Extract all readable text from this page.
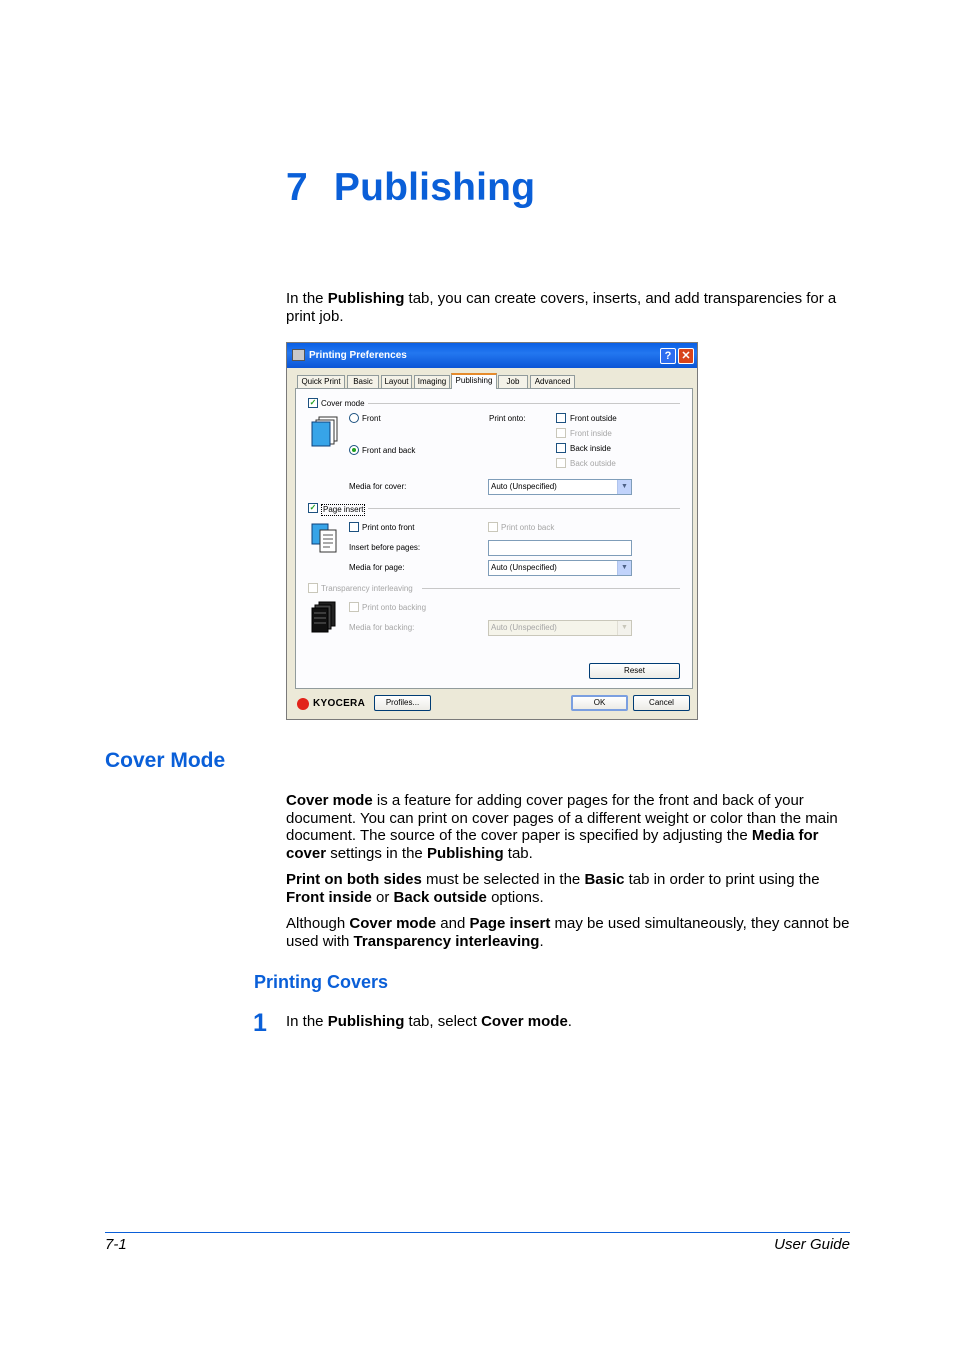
7 Publishing

In the Publishing tab, you can create covers, inserts, and add transparencies for a print job.

Printing Preferences	? ✕
Quick Print	Basic	Layout	Imaging	Publishing	Job	Advanced
✓ Cover mode
Front
Front and back
Print onto:	Front outside
Front inside
Back inside
Back outside
Media for cover:	Auto (Unspecified)	▼
✓ Page insert
Print onto front	Print onto back
Insert before pages:
Media for page:	Auto (Unspecified)	▼
Transparency interleaving
Print onto backing
Media for backing:	Auto (Unspecified)	▼
Reset
KYOCERA	Profiles...	OK	Cancel
Cover Mode

Cover mode is a feature for adding cover pages for the front and back of your document. You can print on cover pages of a different weight or color than the main document. The source of the cover paper is specified by adjusting the Media for cover settings in the Publishing tab.

Print on both sides must be selected in the Basic tab in order to print using the Front inside or Back outside options.

Although Cover mode and Page insert may be used simultaneously, they cannot be used with Transparency interleaving.

Printing Covers
1 In the Publishing tab, select Cover mode.

7-1	User Guide
